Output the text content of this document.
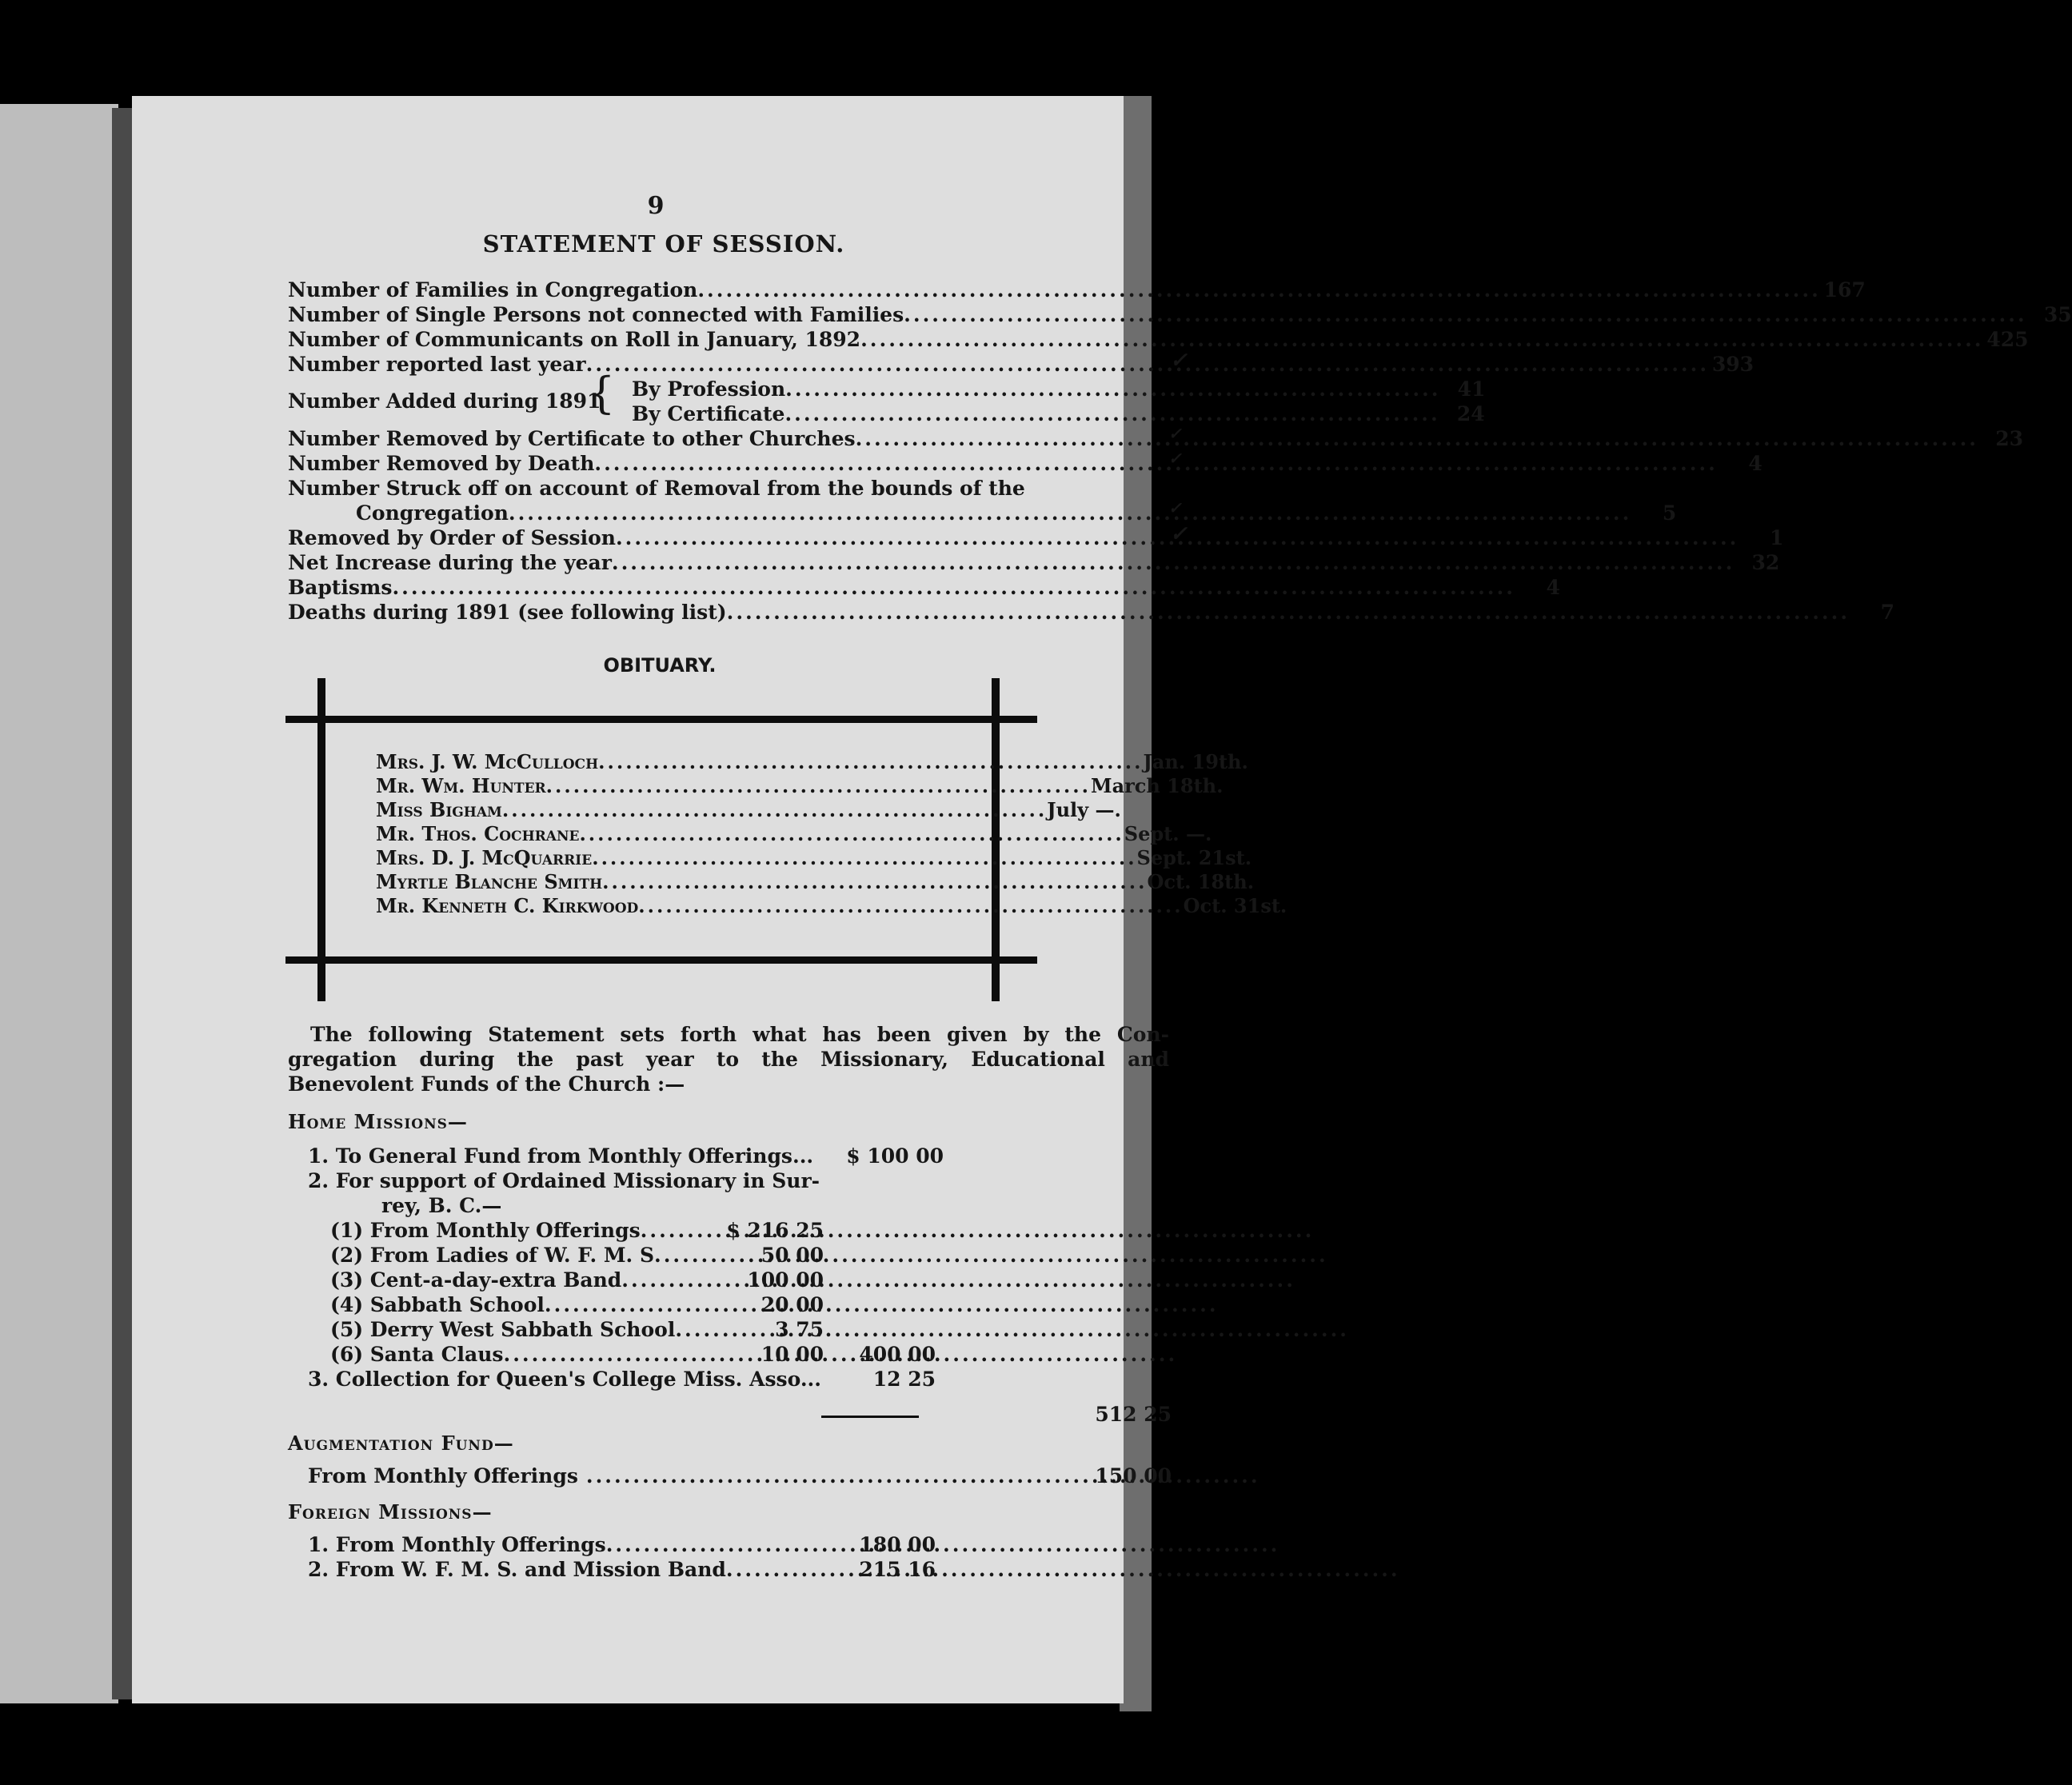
9
STATEMENT OF SESSION.
Number of Families in Congregation .....	167
Number of Single Persons not connected with Families .....	35
Number of Communicants on Roll in January, 1892 .....	425
Number reported last year .....	393
✓
Number Added during 1891
{ By Profession .....	41
By Certificate .....	24
Number Removed by Certificate to other Churches .....	23
✓
Number Removed by Death .....	4
✓
Number Struck off on account of Removal from the bounds of the
Congregation .....	5
✓
Removed by Order of Session .....	1
✓
Net Increase during the year .....	32
Baptisms .....	4
Deaths during 1891 (see following list) .....	7
OBITUARY.
Mrs. J. W. McCulloch .....	Jan. 19th.
Mr. Wm. Hunter .....	March 18th.
Miss Bigham .....	July —.
Mr. Thos. Cochrane .....	Sept. —.
Mrs. D. J. McQuarrie .....	Sept. 21st.
Myrtle Blanche Smith .....	Oct. 18th.
Mr. Kenneth C. Kirkwood .....	Oct. 31st.
The following Statement sets forth what has been given by the Con-
gregation during the past year to the Missionary, Educational and
Benevolent Funds of the Church :—
Home Missions—
1. To General Fund from Monthly Offerings...	$ 100 00
2. For support of Ordained Missionary in Sur-
rey, B. C.—
(1) From Monthly Offerings .....	$ 216 25
(2) From Ladies of W. F. M. S .....	50 00
(3) Cent-a-day-extra Band .....	100 00
(4) Sabbath School .....	20 00
(5) Derry West Sabbath School .....	3 75
(6) Santa Claus .....	10 00	400 00
3. Collection for Queen's College Miss. Asso...	12 25
512 25
Augmentation Fund—
From Monthly Offerings .....	150 00
Foreign Missions—
1. From Monthly Offerings .....	180 00
2. From W. F. M. S. and Mission Band .....	215 16
